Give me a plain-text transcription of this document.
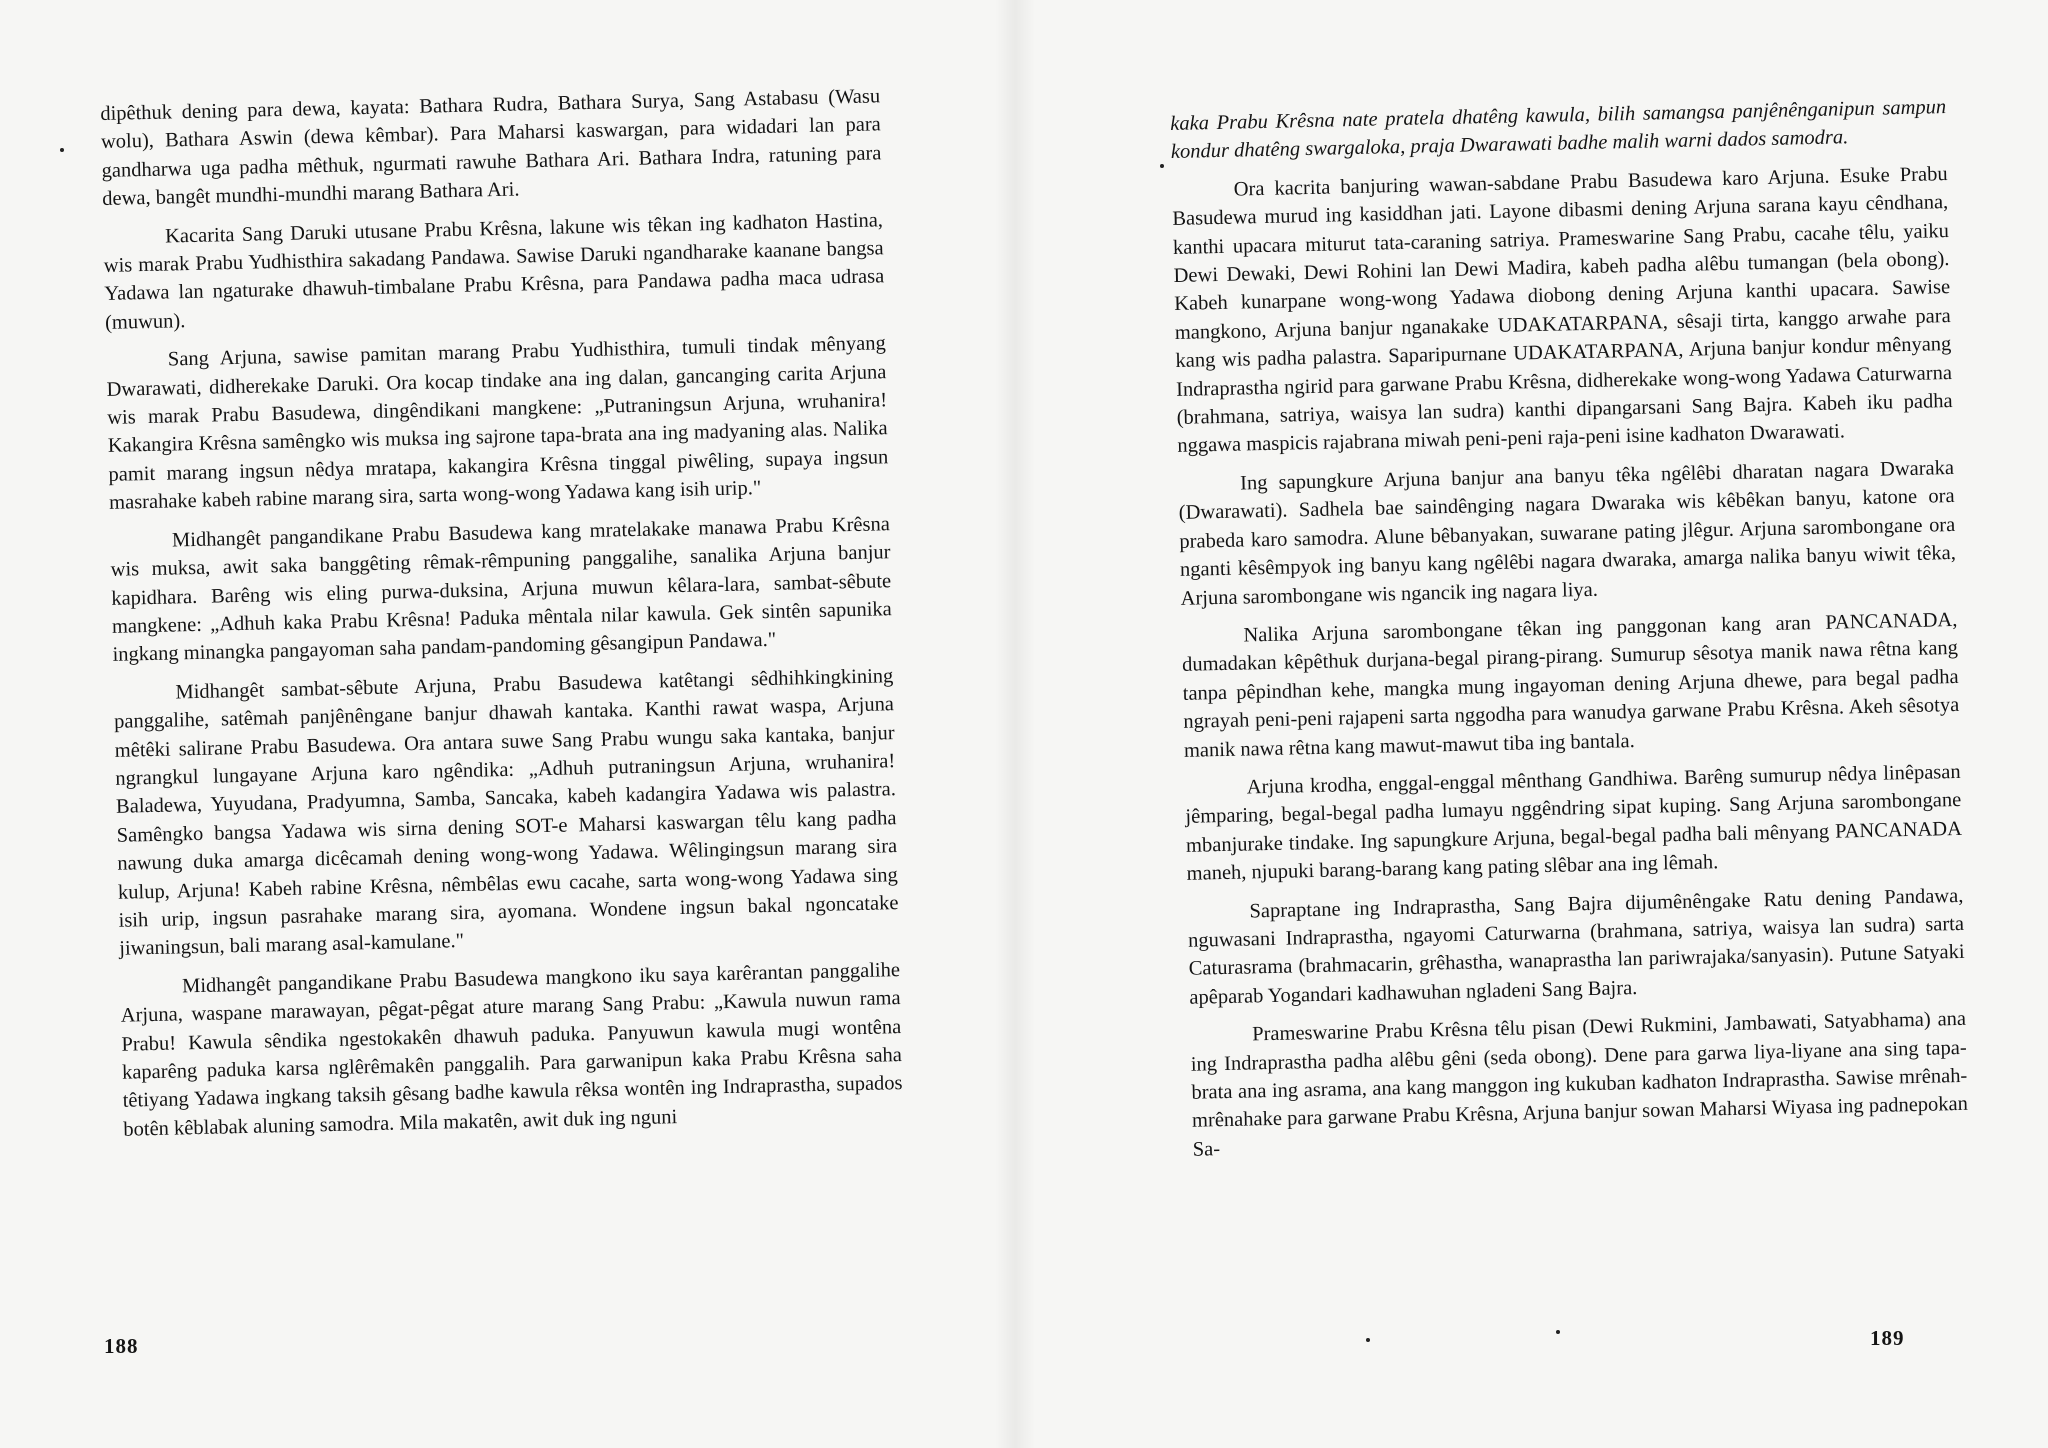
dipêthuk dening para dewa, kayata: Bathara Rudra, Bathara Surya, Sang Astabasu (Wasu wolu), Bathara Aswin (dewa kêmbar). Para Maharsi kaswargan, para widadari lan para gandharwa uga padha mêthuk, ngurmati rawuhe Bathara Ari. Bathara Indra, ratuning para dewa, bangêt mundhi-mundhi marang Bathara Ari.

Kacarita Sang Daruki utusane Prabu Krêsna, lakune wis têkan ing kadhaton Hastina, wis marak Prabu Yudhisthira sakadang Pandawa. Sawise Daruki ngandharake kaanane bangsa Yadawa lan ngaturake dhawuh-timbalane Prabu Krêsna, para Pandawa padha maca udrasa (muwun).

Sang Arjuna, sawise pamitan marang Prabu Yudhisthira, tumuli tindak mênyang Dwarawati, didherekake Daruki. Ora kocap tindake ana ing dalan, gancanging carita Arjuna wis marak Prabu Basudewa, dingêndikani mangkene: „Putraningsun Arjuna, wruhanira! Kakangira Krêsna samêngko wis muksa ing sajrone tapa-brata ana ing madyaning alas. Nalika pamit marang ingsun nêdya mratapa, kakangira Krêsna tinggal piwêling, supaya ingsun masrahake kabeh rabine marang sira, sarta wong-wong Yadawa kang isih urip."

Midhangêt pangandikane Prabu Basudewa kang mratelakake manawa Prabu Krêsna wis muksa, awit saka banggêting rêmak-rêmpuning panggalihe, sanalika Arjuna banjur kapidhara. Barêng wis eling purwa-duksina, Arjuna muwun kêlara-lara, sambat-sêbute mangkene: „Adhuh kaka Prabu Krêsna! Paduka mêntala nilar kawula. Gek sintên sapunika ingkang minangka pangayoman saha pandam-pandoming gêsangipun Pandawa."

Midhangêt sambat-sêbute Arjuna, Prabu Basudewa katêtangi sêdhihkingkining panggalihe, satêmah panjênêngane banjur dhawah kantaka. Kanthi rawat waspa, Arjuna mêtêki salirane Prabu Basudewa. Ora antara suwe Sang Prabu wungu saka kantaka, banjur ngrangkul lungayane Arjuna karo ngêndika: „Adhuh putraningsun Arjuna, wruhanira! Baladewa, Yuyudana, Pradyumna, Samba, Sancaka, kabeh kadangira Yadawa wis palastra. Samêngko bangsa Yadawa wis sirna dening SOT-e Maharsi kaswargan têlu kang padha nawung duka amarga dicêcamah dening wong-wong Yadawa. Wêlingingsun marang sira kulup, Arjuna! Kabeh rabine Krêsna, nêmbêlas ewu cacahe, sarta wong-wong Yadawa sing isih urip, ingsun pasrahake marang sira, ayomana. Wondene ingsun bakal ngoncatake jiwaningsun, bali marang asal-kamulane."

Midhangêt pangandikane Prabu Basudewa mangkono iku saya karêrantan panggalihe Arjuna, waspane marawayan, pêgat-pêgat ature marang Sang Prabu: „Kawula nuwun rama Prabu! Kawula sêndika ngestokakên dhawuh paduka. Panyuwun kawula mugi wontêna kaparêng paduka karsa nglêrêmakên panggalih. Para garwanipun kaka Prabu Krêsna saha têtiyang Yadawa ingkang taksih gêsang badhe kawula rêksa wontên ing Indraprastha, supados botên kêblabak aluning samodra. Mila makatên, awit duk ing nguni

188

kaka Prabu Krêsna nate pratela dhatêng kawula, bilih samangsa panjênênganipun sampun kondur dhatêng swargaloka, praja Dwarawati badhe malih warni dados samodra.

Ora kacrita banjuring wawan-sabdane Prabu Basudewa karo Arjuna. Esuke Prabu Basudewa murud ing kasiddhan jati. Layone dibasmi dening Arjuna sarana kayu cêndhana, kanthi upacara miturut tata-caraning satriya. Prameswarine Sang Prabu, cacahe têlu, yaiku Dewi Dewaki, Dewi Rohini lan Dewi Madira, kabeh padha alêbu tumangan (bela obong). Kabeh kunarpane wong-wong Yadawa diobong dening Arjuna kanthi upacara. Sawise mangkono, Arjuna banjur nganakake UDAKATARPANA, sêsaji tirta, kanggo arwahe para kang wis padha palastra. Saparipurnane UDAKATARPANA, Arjuna banjur kondur mênyang Indraprastha ngirid para garwane Prabu Krêsna, didherekake wong-wong Yadawa Caturwarna (brahmana, satriya, waisya lan sudra) kanthi dipangarsani Sang Bajra. Kabeh iku padha nggawa maspicis rajabrana miwah peni-peni raja-peni isine kadhaton Dwarawati.

Ing sapungkure Arjuna banjur ana banyu têka ngêlêbi dharatan nagara Dwaraka (Dwarawati). Sadhela bae saindênging nagara Dwaraka wis kêbêkan banyu, katone ora prabeda karo samodra. Alune bêbanyakan, suwarane pating jlêgur. Arjuna sarombongane ora nganti kêsêmpyok ing banyu kang ngêlêbi nagara dwaraka, amarga nalika banyu wiwit têka, Arjuna sarombongane wis ngancik ing nagara liya.

Nalika Arjuna sarombongane têkan ing panggonan kang aran PANCANADA, dumadakan kêpêthuk durjana-begal pirang-pirang. Sumurup sêsotya manik nawa rêtna kang tanpa pêpindhan kehe, mangka mung ingayoman dening Arjuna dhewe, para begal padha ngrayah peni-peni rajapeni sarta nggodha para wanudya garwane Prabu Krêsna. Akeh sêsotya manik nawa rêtna kang mawut-mawut tiba ing bantala.

Arjuna krodha, enggal-enggal mênthang Gandhiwa. Barêng sumurup nêdya linêpasan jêmparing, begal-begal padha lumayu nggêndring sipat kuping. Sang Arjuna sarombongane mbanjurake tindake. Ing sapungkure Arjuna, begal-begal padha bali mênyang PANCANADA maneh, njupuki barang-barang kang pating slêbar ana ing lêmah.

Sapraptane ing Indraprastha, Sang Bajra dijumênêngake Ratu dening Pandawa, nguwasani Indraprastha, ngayomi Caturwarna (brahmana, satriya, waisya lan sudra) sarta Caturasrama (brahmacarin, grêhastha, wanaprastha lan pariwrajaka/sanyasin). Putune Satyaki apêparab Yogandari kadhawuhan ngladeni Sang Bajra.

Prameswarine Prabu Krêsna têlu pisan (Dewi Rukmini, Jambawati, Satyabhama) ana ing Indraprastha padha alêbu gêni (seda obong). Dene para garwa liya-liyane ana sing tapa-brata ana ing asrama, ana kang manggon ing kukuban kadhaton Indraprastha. Sawise mrênah-mrênahake para garwane Prabu Krêsna, Arjuna banjur sowan Maharsi Wiyasa ing padnepokan Sa-

189
